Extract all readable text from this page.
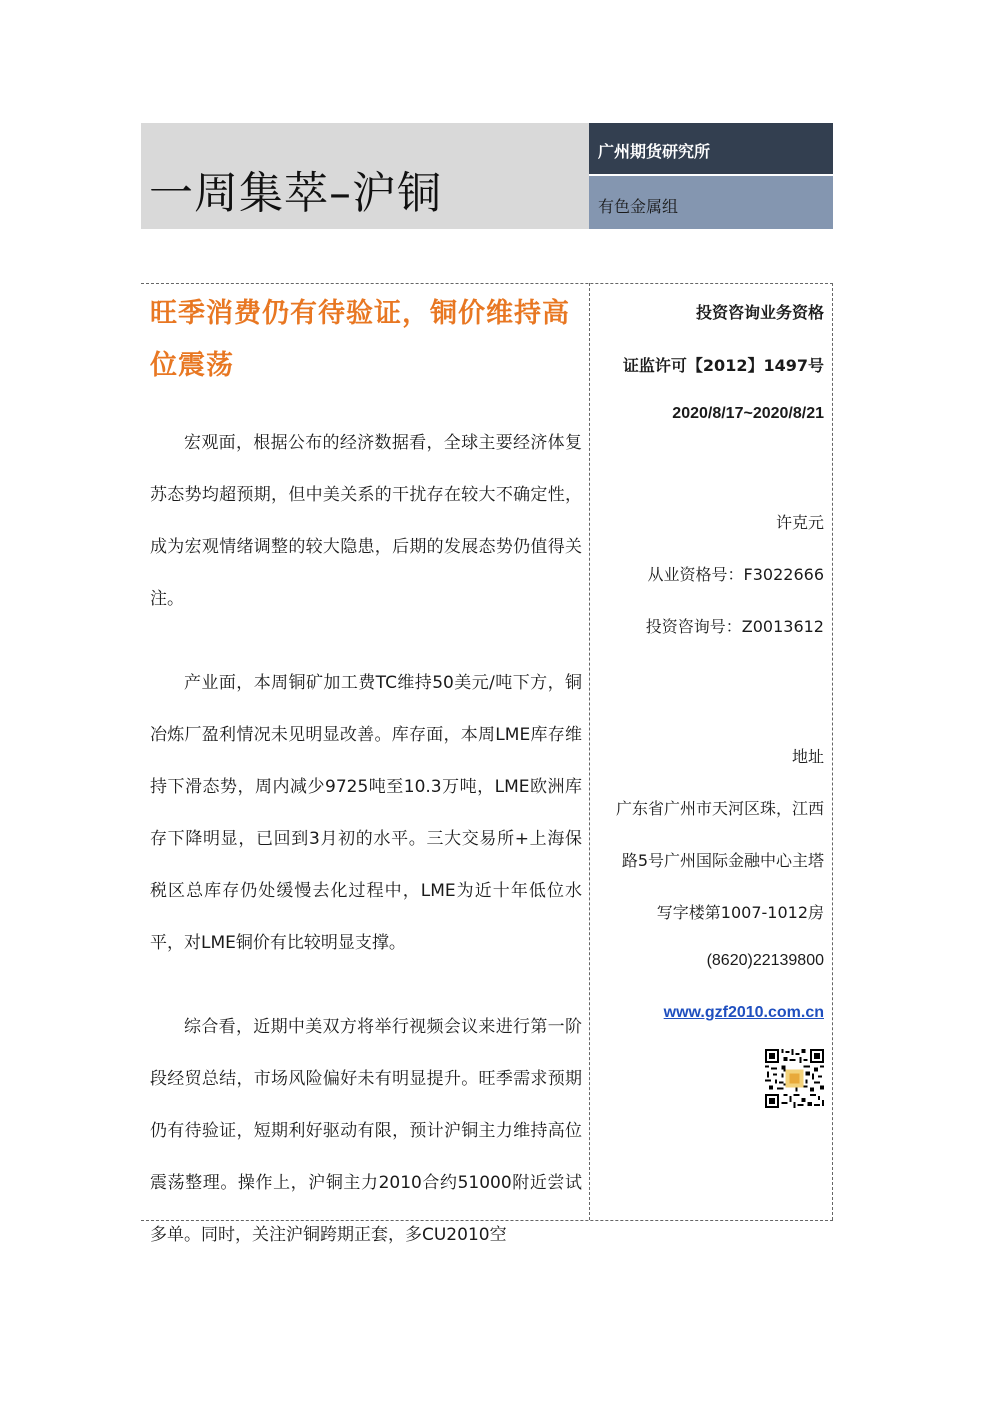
一周集萃–沪铜
广州期货研究所
有色金属组
旺季消费仍有待验证，铜价维持高位震荡

宏观面，根据公布的经济数据看，全球主要经济体复苏态势均超预期，但中美关系的干扰存在较大不确定性，成为宏观情绪调整的较大隐患，后期的发展态势仍值得关注。

产业面，本周铜矿加工费TC维持50美元/吨下方，铜冶炼厂盈利情况未见明显改善。库存面，本周LME库存维持下滑态势，周内减少9725吨至10.3万吨，LME欧洲库存下降明显，已回到3月初的水平。三大交易所+上海保税区总库存仍处缓慢去化过程中，LME为近十年低位水平，对LME铜价有比较明显支撑。

综合看，近期中美双方将举行视频会议来进行第一阶段经贸总结，市场风险偏好未有明显提升。旺季需求预期仍有待验证，短期利好驱动有限，预计沪铜主力维持高位震荡整理。操作上，沪铜主力2010合约51000附近尝试多单。同时，关注沪铜跨期正套，多CU2010空

投资咨询业务资格
证监许可【2012】1497号
2020/8/17~2020/8/21
许克元
从业资格号：F3022666
投资咨询号：Z0013612
地址
广东省广州市天河区珠，江西
路5号广州国际金融中心主塔
写字楼第1007-1012房
(8620)22139800
www.gzf2010.com.cn
